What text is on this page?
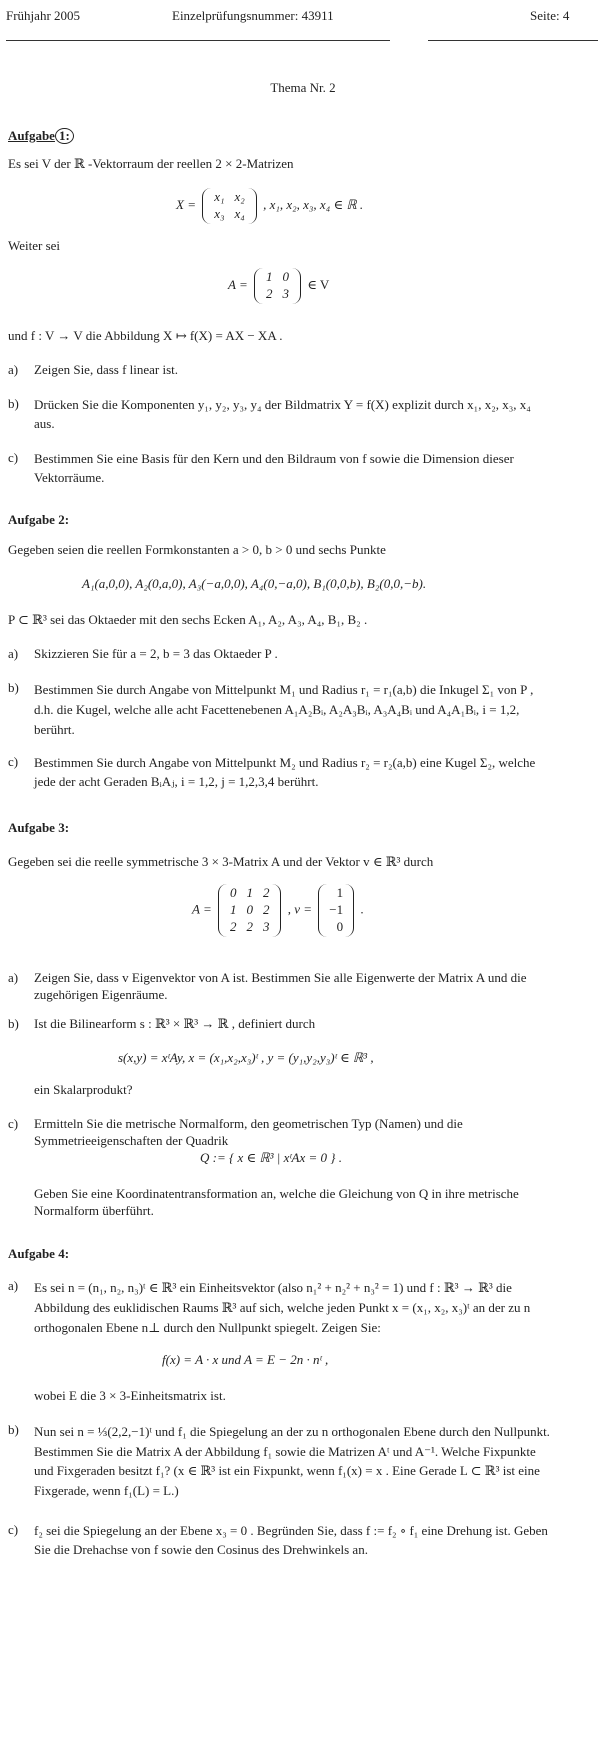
Frühjahr 2005	Einzelprüfungsnummer: 43911	Seite: 4
Thema Nr. 2
Aufgabe 1:
Es sei V der ℝ -Vektorraum der reellen 2 × 2-Matrizen
X =
x₁	x₂
x₃	x₄
, x₁, x₂, x₃, x₄ ∈ ℝ .
Weiter sei
A =
1	0
2	3
∈ V
und f : V → V die Abbildung X ↦ f(X) = AX − XA .
a) Zeigen Sie, dass f linear ist.
b) Drücken Sie die Komponenten y₁, y₂, y₃, y₄ der Bildmatrix Y = f(X) explizit durch x₁, x₂, x₃, x₄ aus.
c) Bestimmen Sie eine Basis für den Kern und den Bildraum von f sowie die Dimension dieser Vektorräume.
Aufgabe 2:
Gegeben seien die reellen Formkonstanten a > 0, b > 0 und sechs Punkte
A₁(a,0,0), A₂(0,a,0), A₃(−a,0,0), A₄(0,−a,0), B₁(0,0,b), B₂(0,0,−b).
P ⊂ ℝ³ sei das Oktaeder mit den sechs Ecken A₁, A₂, A₃, A₄, B₁, B₂ .
a) Skizzieren Sie für a = 2, b = 3 das Oktaeder P .
b) Bestimmen Sie durch Angabe von Mittelpunkt M₁ und Radius r₁ = r₁(a,b) die Inkugel Σ₁ von P , d.h. die Kugel, welche alle acht Facettenebenen A₁A₂Bᵢ, A₂A₃Bᵢ, A₃A₄Bᵢ und A₄A₁Bᵢ, i = 1,2, berührt.
c) Bestimmen Sie durch Angabe von Mittelpunkt M₂ und Radius r₂ = r₂(a,b) eine Kugel Σ₂, welche jede der acht Geraden BᵢAⱼ, i = 1,2, j = 1,2,3,4 berührt.
Aufgabe 3:
Gegeben sei die reelle symmetrische 3 × 3-Matrix A und der Vektor v ∈ ℝ³ durch
A =
0	1	2
1	0	2
2	2	3
, v =
1
−1
0
.
a) Zeigen Sie, dass v Eigenvektor von A ist. Bestimmen Sie alle Eigenwerte der Matrix A und die zugehörigen Eigenräume.
b) Ist die Bilinearform s : ℝ³ × ℝ³ → ℝ , definiert durch
s(x,y) = xᵗAy, x = (x₁,x₂,x₃)ᵗ , y = (y₁,y₂,y₃)ᵗ ∈ ℝ³ ,
ein Skalarprodukt?
c) Ermitteln Sie die metrische Normalform, den geometrischen Typ (Namen) und die Symmetrieeigenschaften der Quadrik
Q := { x ∈ ℝ³ | xᵗAx = 0 } .
Geben Sie eine Koordinatentransformation an, welche die Gleichung von Q in ihre metrische Normalform überführt.
Aufgabe 4:
a) Es sei n = (n₁, n₂, n₃)ᵗ ∈ ℝ³ ein Einheitsvektor (also n₁² + n₂² + n₃² = 1) und f : ℝ³ → ℝ³ die Abbildung des euklidischen Raums ℝ³ auf sich, welche jeden Punkt x = (x₁, x₂, x₃)ᵗ an der zu n orthogonalen Ebene n⊥ durch den Nullpunkt spiegelt. Zeigen Sie:
f(x) = A · x und A = E − 2n · nᵗ ,
wobei E die 3 × 3-Einheitsmatrix ist.
b) Nun sei n = ⅓(2,2,−1)ᵗ und f₁ die Spiegelung an der zu n orthogonalen Ebene durch den Nullpunkt. Bestimmen Sie die Matrix A der Abbildung f₁ sowie die Matrizen Aᵗ und A⁻¹. Welche Fixpunkte und Fixgeraden besitzt f₁? (x ∈ ℝ³ ist ein Fixpunkt, wenn f₁(x) = x . Eine Gerade L ⊂ ℝ³ ist eine Fixgerade, wenn f₁(L) = L.)
c) f₂ sei die Spiegelung an der Ebene x₃ = 0 . Begründen Sie, dass f := f₂ ∘ f₁ eine Drehung ist. Geben Sie die Drehachse von f sowie den Cosinus des Drehwinkels an.
